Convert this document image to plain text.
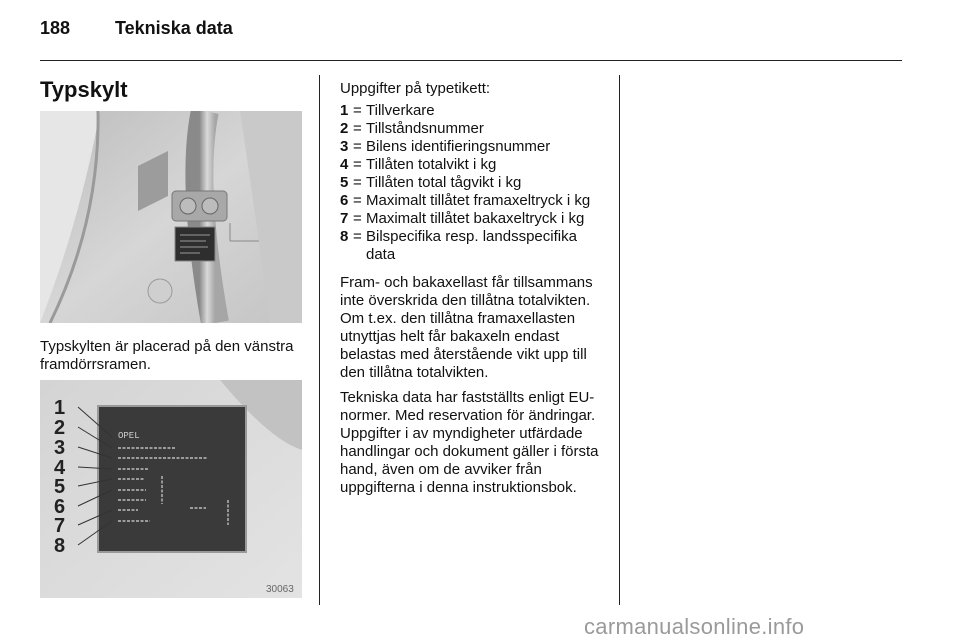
188 Tekniska data
Typskylt
Typskylten är placerad på den vänstra framdörrsramen.
OPEL
1
2
3
4
5
6
7
8
30063

Uppgifter på typetikett:

1 = Tillverkare
2 = Tillståndsnummer
3 = Bilens identifieringsnummer
4 = Tillåten totalvikt i kg
5 = Tillåten total tågvikt i kg
6 = Maximalt tillåtet framaxeltryck i kg
7 = Maximalt tillåtet bakaxeltryck i kg
8 = Bilspecifika resp. landsspecifika data

Fram- och bakaxellast får tillsammans inte överskrida den tillåtna totalvikten. Om t.ex. den tillåtna framaxellasten utnyttjas helt får bakaxeln endast belastas med återstående vikt upp till den tillåtna totalvikten.

Tekniska data har fastställts enligt EU-normer. Med reservation för ändringar. Uppgifter i av myndigheter utfärdade handlingar och dokument gäller i första hand, även om de avviker från uppgifterna i denna instruktionsbok.

carmanualsonline.info
